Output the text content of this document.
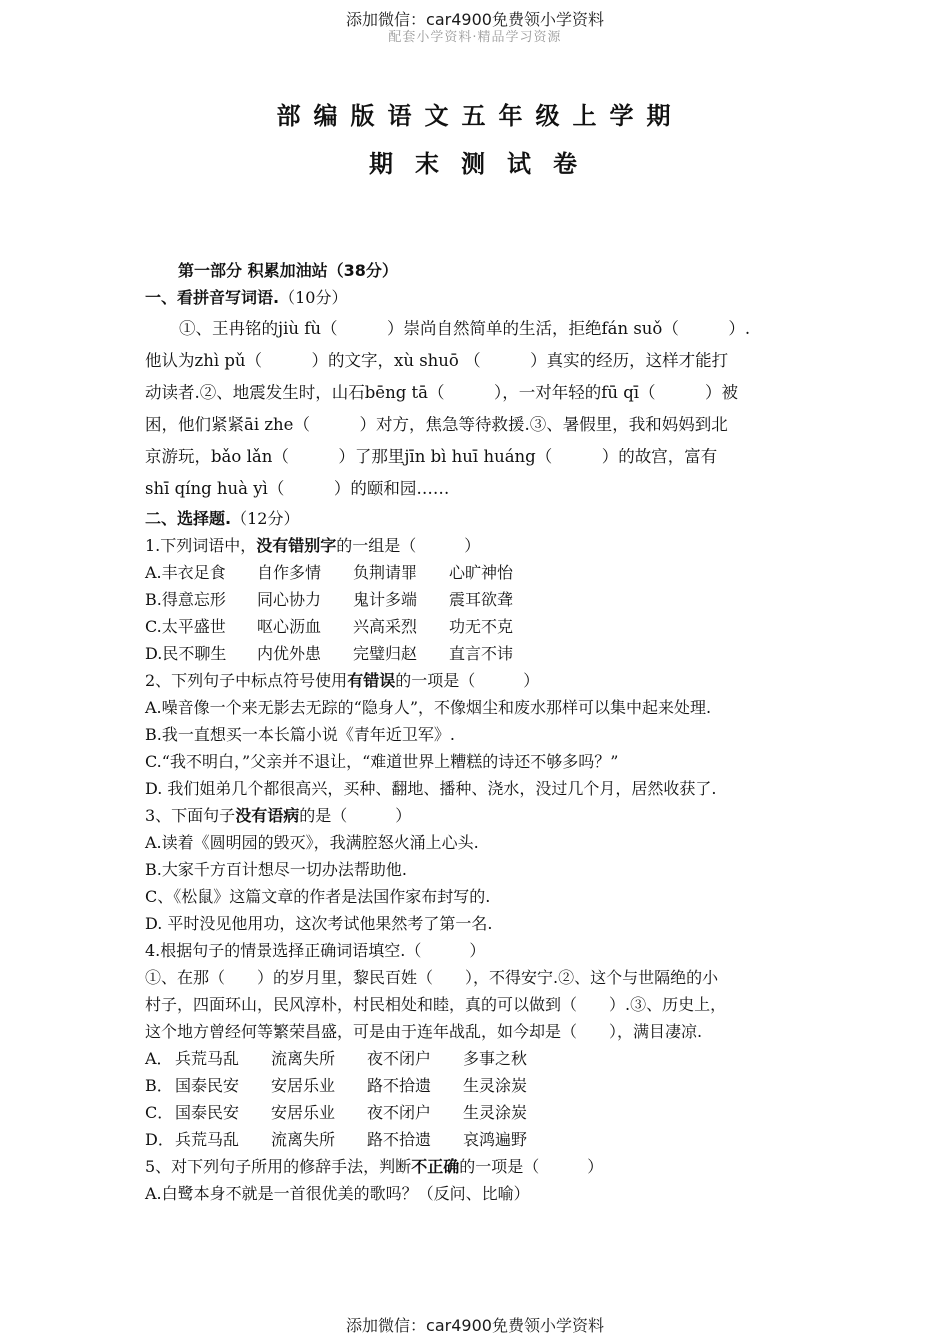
添加微信：car4900免费领小学资料
配套小学资料·精品学习资源
部编版语文五年级上学期
期末测试卷
第一部分 积累加油站（38分）
一、看拼音写词语.（10分）
①、王冉铭的jiù fù（　　　）崇尚自然简单的生活，拒绝fán suǒ（　　　）.
他认为zhì pǔ（　　　）的文字，xù shuō （　　　）真实的经历，这样才能打
动读者.②、地震发生时，山石bēng tā（　　　），一对年轻的fū qī（　　　）被
困，他们紧紧āi zhe（　　　）对方，焦急等待救援.③、暑假里，我和妈妈到北
京游玩，bǎo lǎn（　　　）了那里jīn bì huī huáng（　　　）的故宫，富有
shī qíng huà yì（　　　）的颐和园……
二、选择题.（12分）
1.下列词语中，没有错别字的一组是（　　　）
A.丰衣足食 自作多情 负荆请罪 心旷神怡
B.得意忘形 同心协力 鬼计多端 震耳欲聋
C.太平盛世 呕心沥血 兴高采烈 功无不克
D.民不聊生 内优外患 完璧归赵 直言不讳
2、下列句子中标点符号使用有错误的一项是（　　　）
A.噪音像一个来无影去无踪的“隐身人”，不像烟尘和废水那样可以集中起来处理.
B.我一直想买一本长篇小说《青年近卫军》.
C.“我不明白，”父亲并不退让，“难道世界上糟糕的诗还不够多吗？”
D. 我们姐弟几个都很高兴，买种、翻地、播种、浇水，没过几个月，居然收获了.
3、下面句子没有语病的是（　　　）
A.读着《圆明园的毁灭》，我满腔怒火涌上心头.
B.大家千方百计想尽一切办法帮助他.
C、《松鼠》这篇文章的作者是法国作家布封写的.
D. 平时没见他用功，这次考试他果然考了第一名.
4.根据句子的情景选择正确词语填空.（　　　）
①、在那（　　）的岁月里，黎民百姓（　　），不得安宁.②、这个与世隔绝的小
村子，四面环山，民风淳朴，村民相处和睦，真的可以做到（　　）.③、历史上，
这个地方曾经何等繁荣昌盛，可是由于连年战乱，如今却是（　　），满目凄凉.
A． 兵荒马乱 流离失所 夜不闭户 多事之秋
B． 国泰民安 安居乐业 路不拾遗 生灵涂炭
C． 国泰民安 安居乐业 夜不闭户 生灵涂炭
D．兵荒马乱 流离失所 路不拾遗 哀鸿遍野
5、对下列句子所用的修辞手法，判断不正确的一项是（　　　）
A.白鹭本身不就是一首很优美的歌吗？（反问、比喻）
添加微信：car4900免费领小学资料
